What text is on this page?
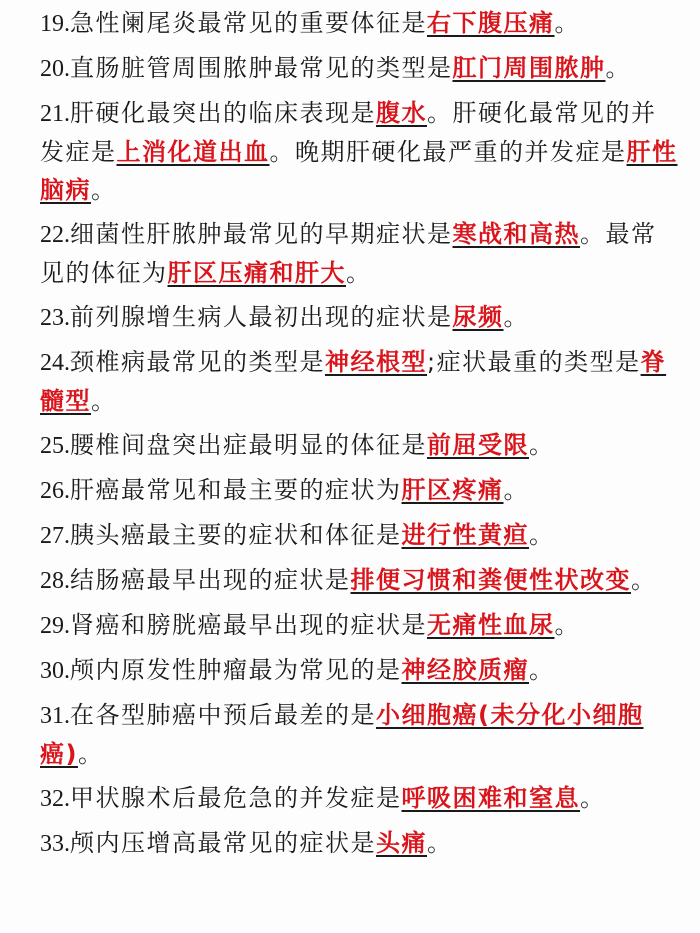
19.急性阑尾炎最常见的重要体征是右下腹压痛。

20.直肠脏管周围脓肿最常见的类型是肛门周围脓肿。

21.肝硬化最突出的临床表现是腹水。肝硬化最常见的并发症是上消化道出血。晚期肝硬化最严重的并发症是肝性脑病。

22.细菌性肝脓肿最常见的早期症状是寒战和高热。最常见的体征为肝区压痛和肝大。

23.前列腺增生病人最初出现的症状是尿频。

24.颈椎病最常见的类型是神经根型;症状最重的类型是脊髓型。

25.腰椎间盘突出症最明显的体征是前屈受限。

26.肝癌最常见和最主要的症状为肝区疼痛。

27.胰头癌最主要的症状和体征是进行性黄疸。

28.结肠癌最早出现的症状是排便习惯和粪便性状改变。

29.肾癌和膀胱癌最早出现的症状是无痛性血尿。

30.颅内原发性肿瘤最为常见的是神经胶质瘤。

31.在各型肺癌中预后最差的是小细胞癌(未分化小细胞癌)。

32.甲状腺术后最危急的并发症是呼吸困难和窒息。

33.颅内压增高最常见的症状是头痛。
